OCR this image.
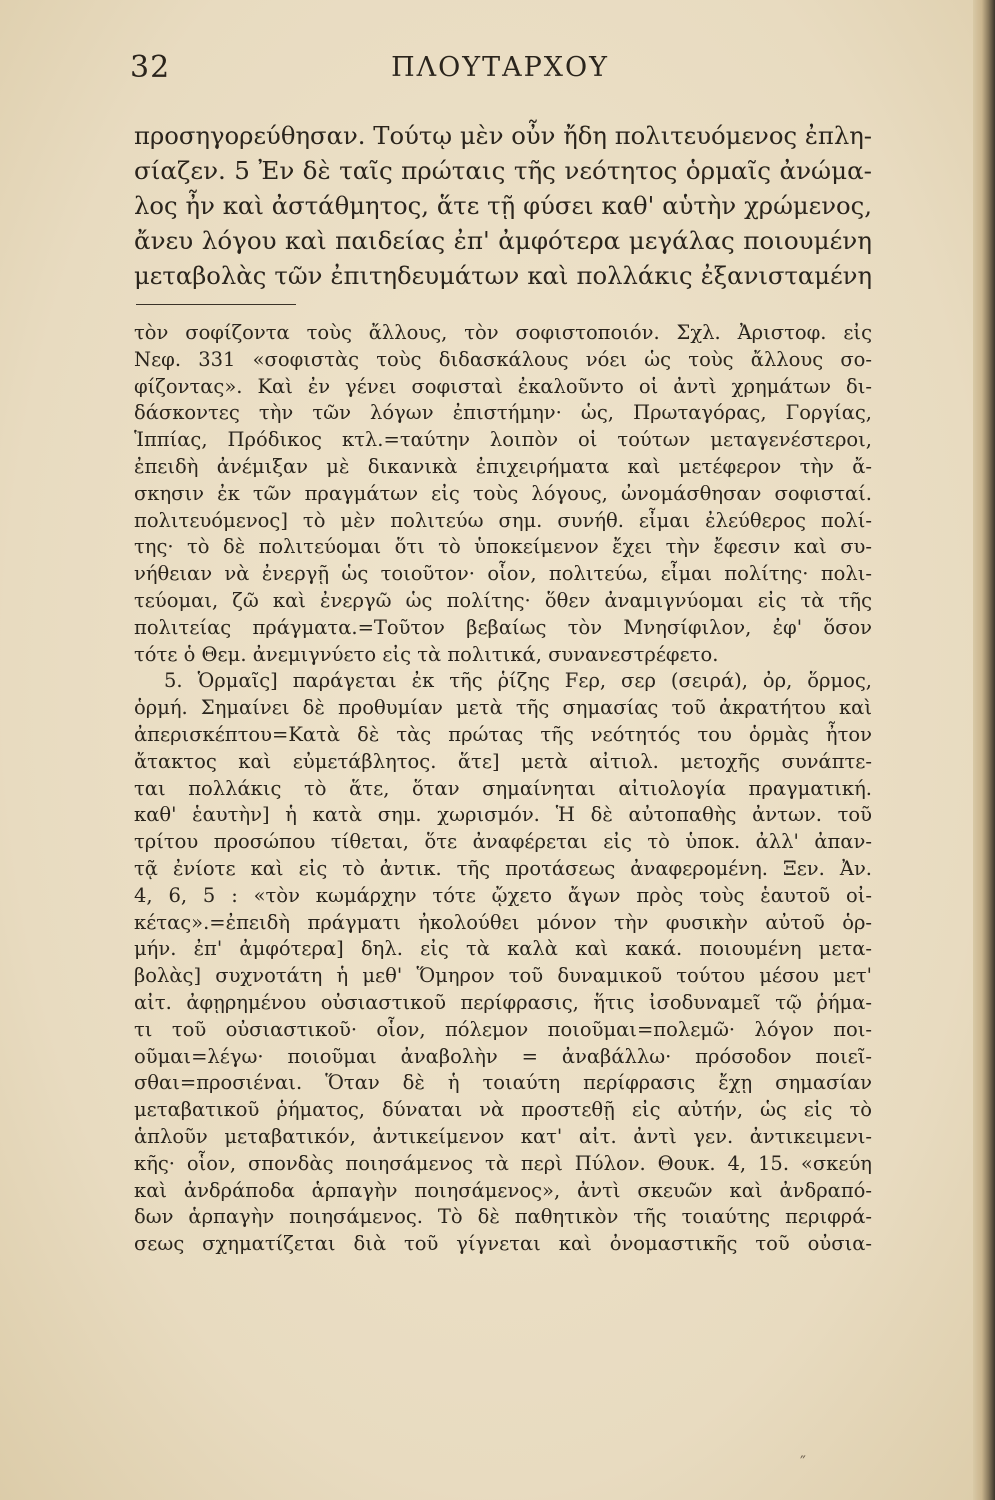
32	ΠΛΟΥΤΑΡΧΟΥ
προσηγορεύθησαν. Τούτῳ μὲν οὖν ἤδη πολιτευόμενος ἐπλη-
σίαζεν. 5 Ἐν δὲ ταῖς πρώταις τῆς νεότητος ὁρμαῖς ἀνώμα-
λος ἦν καὶ ἀστάθμητος, ἅτε τῇ φύσει καθ' αὑτὴν χρώμενος,
ἄνευ λόγου καὶ παιδείας ἐπ' ἀμφότερα μεγάλας ποιουμένη
μεταβολὰς τῶν ἐπιτηδευμάτων καὶ πολλάκις ἐξανισταμένη
τὸν σοφίζοντα τοὺς ἄλλους, τὸν σοφιστοποιόν. Σχλ. Ἀριστοφ. εἰς
Νεφ. 331 «σοφιστὰς τοὺς διδασκάλους νόει ὡς τοὺς ἄλλους σο-
φίζοντας». Καὶ ἐν γένει σοφισταὶ ἐκαλοῦντο οἱ ἀντὶ χρημάτων δι-
δάσκοντες τὴν τῶν λόγων ἐπιστήμην· ὡς, Πρωταγόρας, Γοργίας,
Ἱππίας, Πρόδικος κτλ.=ταύτην λοιπὸν οἱ τούτων μεταγενέστεροι,
ἐπειδὴ ἀνέμιξαν μὲ δικανικὰ ἐπιχειρήματα καὶ μετέφερον τὴν ἄ-
σκησιν ἐκ τῶν πραγμάτων εἰς τοὺς λόγους, ὠνομάσθησαν σοφισταί.
πολιτευόμενος] τὸ μὲν πολιτεύω σημ. συνήθ. εἶμαι ἐλεύθερος πολί-
της· τὸ δὲ πολιτεύομαι ὅτι τὸ ὑποκείμενον ἔχει τὴν ἔφεσιν καὶ συ-
νήθειαν νὰ ἐνεργῇ ὡς τοιοῦτον· οἷον, πολιτεύω, εἶμαι πολίτης· πολι-
τεύομαι, ζῶ καὶ ἐνεργῶ ὡς πολίτης· ὅθεν ἀναμιγνύομαι εἰς τὰ τῆς
πολιτείας πράγματα.=Τοῦτον βεβαίως τὸν Μνησίφιλον, ἐφ' ὅσον
τότε ὁ Θεμ. ἀνεμιγνύετο εἰς τὰ πολιτικά, συνανεστρέφετο.
5. Ὁρμαῖς] παράγεται ἐκ τῆς ῥίζης Fερ, σερ (σειρά), ὀρ, ὅρμος,
ὁρμή. Σημαίνει δὲ προθυμίαν μετὰ τῆς σημασίας τοῦ ἀκρατήτου καὶ
ἀπερισκέπτου=Κατὰ δὲ τὰς πρώτας τῆς νεότητός του ὁρμὰς ἦτον
ἄτακτος καὶ εὐμετάβλητος. ἅτε] μετὰ αἰτιολ. μετοχῆς συνάπτε-
ται πολλάκις τὸ ἅτε, ὅταν σημαίνηται αἰτιολογία πραγματική.
καθ' ἑαυτὴν] ἡ κατὰ σημ. χωρισμόν. Ἡ δὲ αὐτοπαθὴς ἀντων. τοῦ
τρίτου προσώπου τίθεται, ὅτε ἀναφέρεται εἰς τὸ ὑποκ. ἀλλ' ἀπαν-
τᾷ ἐνίοτε καὶ εἰς τὸ ἀντικ. τῆς προτάσεως ἀναφερομένη. Ξεν. Ἀν.
4, 6, 5 : «τὸν κωμάρχην τότε ᾤχετο ἄγων πρὸς τοὺς ἑαυτοῦ οἰ-
κέτας».=ἐπειδὴ πράγματι ἠκολούθει μόνον τὴν φυσικὴν αὐτοῦ ὁρ-
μήν. ἐπ' ἀμφότερα] δηλ. εἰς τὰ καλὰ καὶ κακά. ποιουμένη μετα-
βολὰς] συχνοτάτη ἡ μεθ' Ὅμηρον τοῦ δυναμικοῦ τούτου μέσου μετ'
αἰτ. ἀφῃρημένου οὐσιαστικοῦ περίφρασις, ἥτις ἰσοδυναμεῖ τῷ ῥήμα-
τι τοῦ οὐσιαστικοῦ· οἷον, πόλεμον ποιοῦμαι=πολεμῶ· λόγον ποι-
οῦμαι=λέγω· ποιοῦμαι ἀναβολὴν = ἀναβάλλω· πρόσοδον ποιεῖ-
σθαι=προσιέναι. Ὅταν δὲ ἡ τοιαύτη περίφρασις ἔχῃ σημασίαν
μεταβατικοῦ ῥήματος, δύναται νὰ προστεθῇ εἰς αὐτήν, ὡς εἰς τὸ
ἁπλοῦν μεταβατικόν, ἀντικείμενον κατ' αἰτ. ἀντὶ γεν. ἀντικειμενι-
κῆς· οἷον, σπονδὰς ποιησάμενος τὰ περὶ Πύλον. Θουκ. 4, 15. «σκεύη
καὶ ἀνδράποδα ἁρπαγὴν ποιησάμενος», ἀντὶ σκευῶν καὶ ἀνδραπό-
δων ἁρπαγὴν ποιησάμενος. Τὸ δὲ παθητικὸν τῆς τοιαύτης περιφρά-
σεως σχηματίζεται διὰ τοῦ γίγνεται καὶ ὀνομαστικῆς τοῦ οὐσια-
″
